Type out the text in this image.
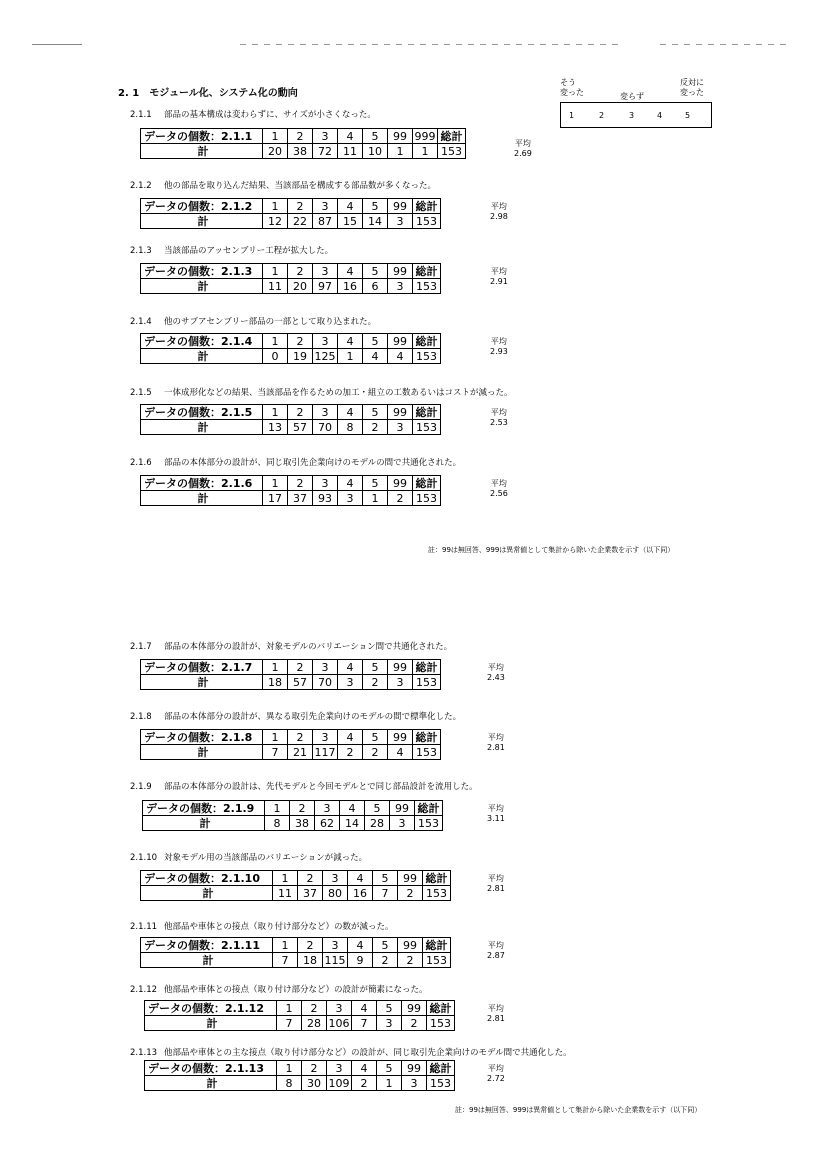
2. 1　モジュール化、システム化の動向
そう
変った	変らず
反対に
変った
1	2	3	4	5
2.1.1 部品の基本構成は変わらずに、サイズが小さくなった。
データの個数：2.1.1	1	2	3	4	5	99	999	総計
計	20	38	72	11	10	1	1	153
平均
2.69
2.1.2 他の部品を取り込んだ結果、当該部品を構成する部品数が多くなった。
データの個数：2.1.2	1	2	3	4	5	99	総計
計	12	22	87	15	14	3	153
平均
2.98
2.1.3 当該部品のアッセンブリー工程が拡大した。
データの個数：2.1.3	1	2	3	4	5	99	総計
計	11	20	97	16	6	3	153
平均
2.91
2.1.4 他のサブアセンブリー部品の一部として取り込まれた。
データの個数：2.1.4	1	2	3	4	5	99	総計
計	0	19	125	1	4	4	153
平均
2.93
2.1.5 一体成形化などの結果、当該部品を作るための加工・組立の工数あるいはコストが減った。
データの個数：2.1.5	1	2	3	4	5	99	総計
計	13	57	70	8	2	3	153
平均
2.53
2.1.6 部品の本体部分の設計が、同じ取引先企業向けのモデルの間で共通化された。
データの個数：2.1.6	1	2	3	4	5	99	総計
計	17	37	93	3	1	2	153
平均
2.56
2.1.7 部品の本体部分の設計が、対象モデルのバリエーション間で共通化された。
データの個数：2.1.7	1	2	3	4	5	99	総計
計	18	57	70	3	2	3	153
平均
2.43
2.1.8 部品の本体部分の設計が、異なる取引先企業向けのモデルの間で標準化した。
データの個数：2.1.8	1	2	3	4	5	99	総計
計	7	21	117	2	2	4	153
平均
2.81
2.1.9 部品の本体部分の設計は、先代モデルと今回モデルとで同じ部品設計を流用した。
データの個数：2.1.9	1	2	3	4	5	99	総計
計	8	38	62	14	28	3	153
平均
3.11
2.1.10 対象モデル用の当該部品のバリエーションが減った。
データの個数：2.1.10	1	2	3	4	5	99	総計
計	11	37	80	16	7	2	153
平均
2.81
2.1.11 他部品や車体との接点（取り付け部分など）の数が減った。
データの個数：2.1.11	1	2	3	4	5	99	総計
計	7	18	115	9	2	2	153
平均
2.87
2.1.12 他部品や車体との接点（取り付け部分など）の設計が簡素になった。
データの個数：2.1.12	1	2	3	4	5	99	総計
計	7	28	106	7	3	2	153
平均
2.81
2.1.13 他部品や車体との主な接点（取り付け部分など）の設計が、同じ取引先企業向けのモデル間で共通化した。
データの個数：2.1.13	1	2	3	4	5	99	総計
計	8	30	109	2	1	3	153
平均
2.72
註：99は無回答、999は異常値として集計から除いた企業数を示す（以下同）
註：99は無回答、999は異常値として集計から除いた企業数を示す（以下同）
